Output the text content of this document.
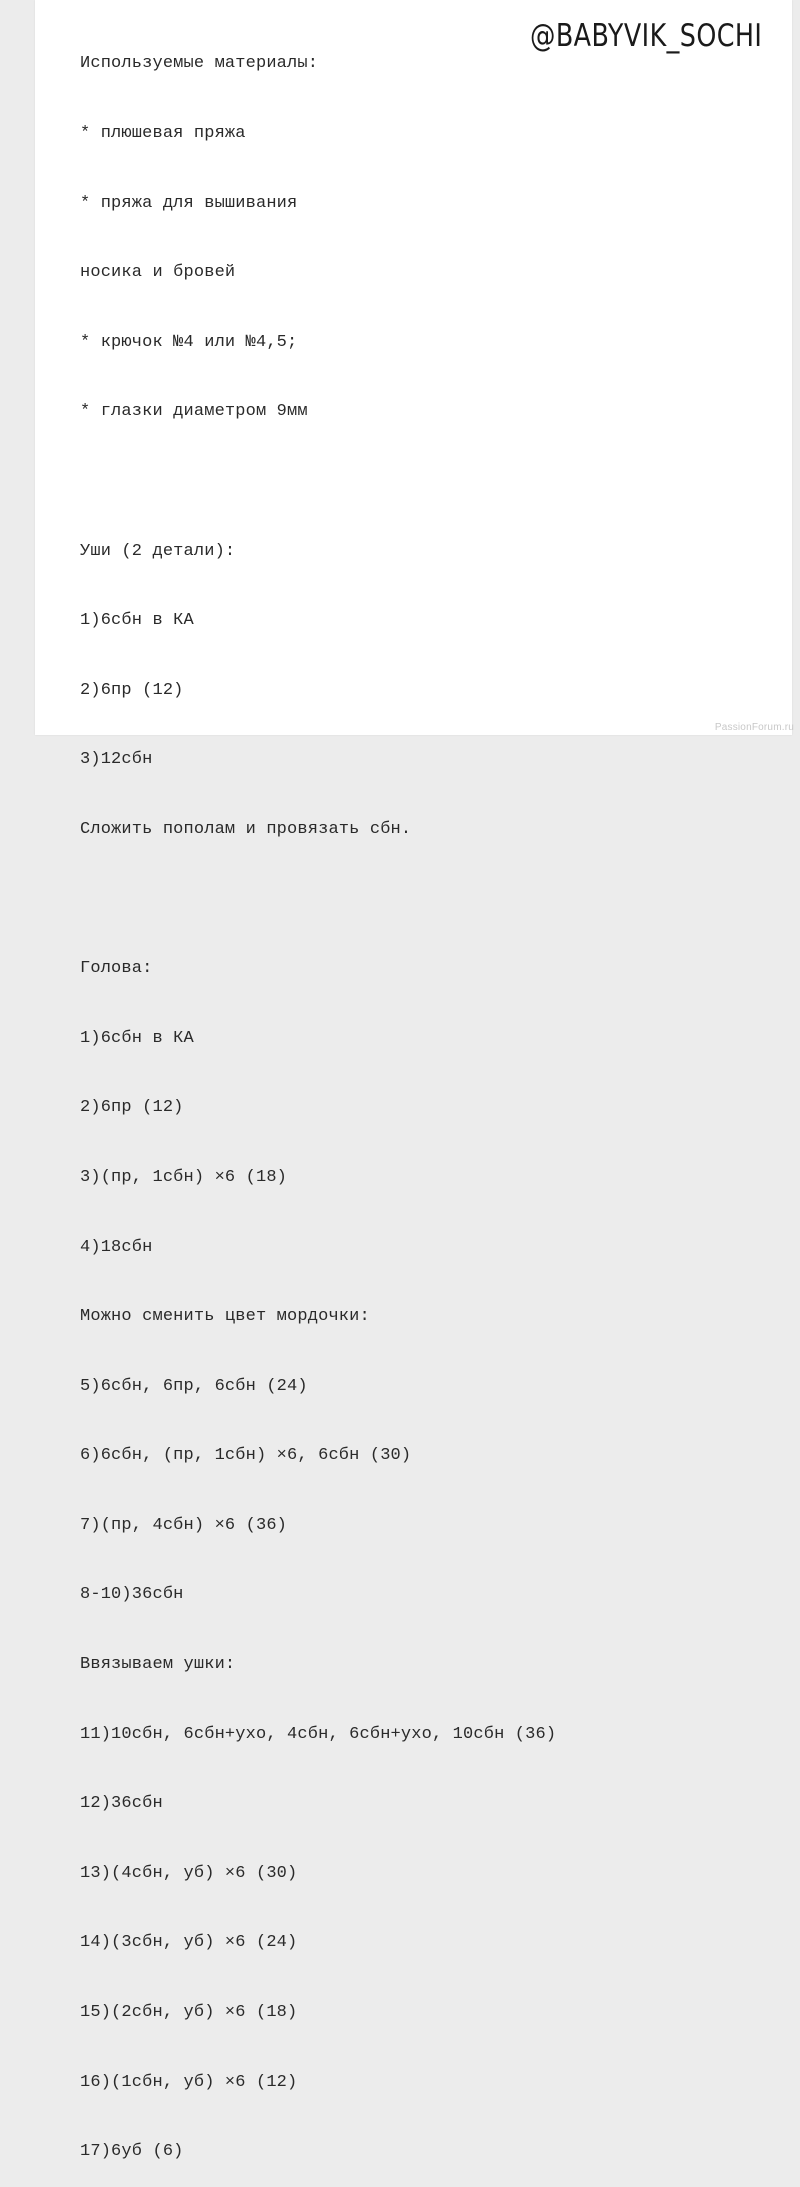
@BABYVIK_SOCHI

Используемые материалы:

* плюшевая пряжа

* пряжа для вышивания

носика и бровей

* крючок №4 или №4,5;

* глазки диаметром 9мм

Уши (2 детали):

1)6сбн в КА

2)6пр (12)

3)12сбн

Сложить пополам и провязать сбн.

Голова:

1)6сбн в КА

2)6пр (12)

3)(пр, 1сбн) ×6 (18)

4)18сбн

Можно сменить цвет мордочки:

5)6сбн, 6пр, 6сбн (24)

6)6сбн, (пр, 1сбн) ×6, 6сбн (30)

7)(пр, 4сбн) ×6 (36)

8-10)36сбн

Ввязываем ушки:

11)10сбн, 6сбн+ухо, 4сбн, 6сбн+ухо, 10сбн (36)

12)36сбн

13)(4сбн, уб) ×6 (30)

14)(3сбн, уб) ×6 (24)

15)(2сбн, уб) ×6 (18)

16)(1сбн, уб) ×6 (12)

17)6уб (6)

PassionForum.ru
